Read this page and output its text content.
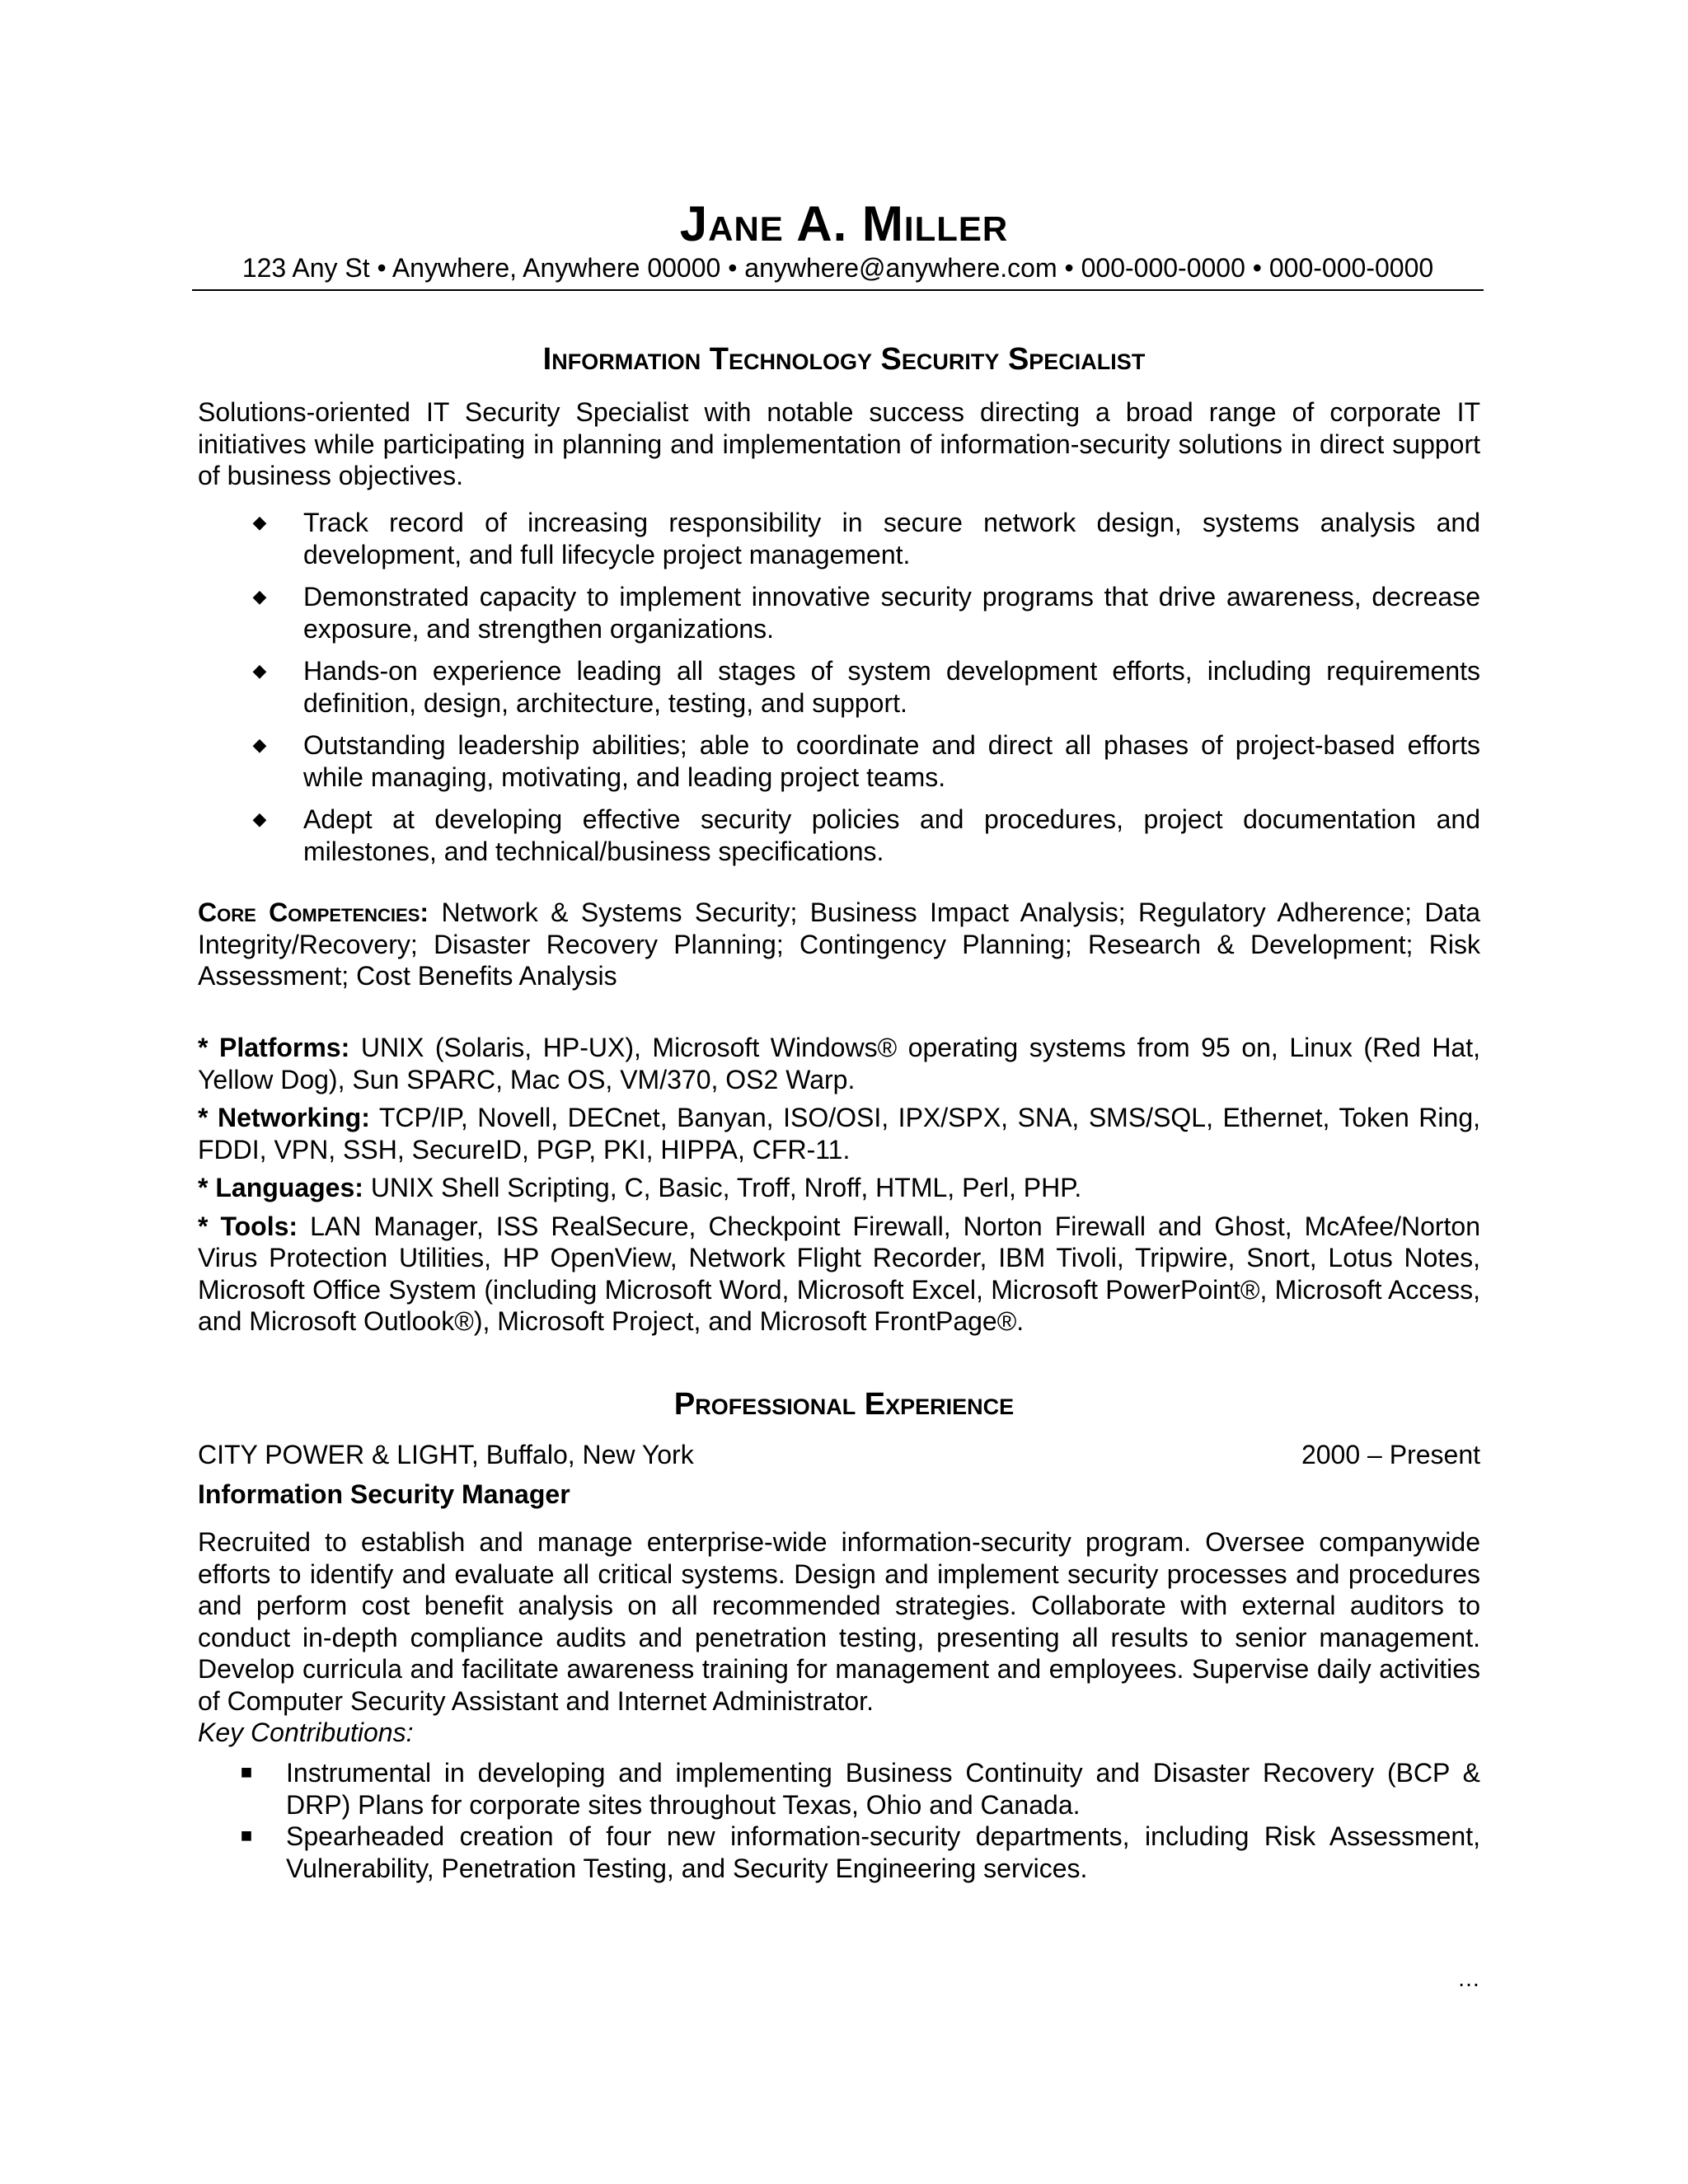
Jane A. Miller
123 Any St • Anywhere, Anywhere 00000 • anywhere@anywhere.com • 000-000-0000 • 000-000-0000
Information Technology Security Specialist
Solutions-oriented IT Security Specialist with notable success directing a broad range of corporate IT initiatives while participating in planning and implementation of information-security solutions in direct support of business objectives.
◆ Track record of increasing responsibility in secure network design, systems analysis and development, and full lifecycle project management.
◆ Demonstrated capacity to implement innovative security programs that drive awareness, decrease exposure, and strengthen organizations.
◆ Hands-on experience leading all stages of system development efforts, including requirements definition, design, architecture, testing, and support.
◆ Outstanding leadership abilities; able to coordinate and direct all phases of project-based efforts while managing, motivating, and leading project teams.
◆ Adept at developing effective security policies and procedures, project documentation and milestones, and technical/business specifications.
Core Competencies: Network & Systems Security; Business Impact Analysis; Regulatory Adherence; Data Integrity/Recovery; Disaster Recovery Planning; Contingency Planning; Research & Development; Risk Assessment; Cost Benefits Analysis

* Platforms: UNIX (Solaris, HP-UX), Microsoft Windows® operating systems from 95 on, Linux (Red Hat, Yellow Dog), Sun SPARC, Mac OS, VM/370, OS2 Warp.

* Networking: TCP/IP, Novell, DECnet, Banyan, ISO/OSI, IPX/SPX, SNA, SMS/SQL, Ethernet, Token Ring, FDDI, VPN, SSH, SecureID, PGP, PKI, HIPPA, CFR-11.

* Languages: UNIX Shell Scripting, C, Basic, Troff, Nroff, HTML, Perl, PHP.

* Tools: LAN Manager, ISS RealSecure, Checkpoint Firewall, Norton Firewall and Ghost, McAfee/Norton Virus Protection Utilities, HP OpenView, Network Flight Recorder, IBM Tivoli, Tripwire, Snort, Lotus Notes, Microsoft Office System (including Microsoft Word, Microsoft Excel, Microsoft PowerPoint®, Microsoft Access, and Microsoft Outlook®), Microsoft Project, and Microsoft FrontPage®.

Professional Experience
CITY POWER & LIGHT, Buffalo, New York	2000 – Present
Information Security Manager
Recruited to establish and manage enterprise-wide information-security program. Oversee companywide efforts to identify and evaluate all critical systems. Design and implement security processes and procedures and perform cost benefit analysis on all recommended strategies. Collaborate with external auditors to conduct in-depth compliance audits and penetration testing, presenting all results to senior management. Develop curricula and facilitate awareness training for management and employees. Supervise daily activities of Computer Security Assistant and Internet Administrator.
Key Contributions:
■ Instrumental in developing and implementing Business Continuity and Disaster Recovery (BCP & DRP) Plans for corporate sites throughout Texas, Ohio and Canada.
■ Spearheaded creation of four new information-security departments, including Risk Assessment, Vulnerability, Penetration Testing, and Security Engineering services.
…
